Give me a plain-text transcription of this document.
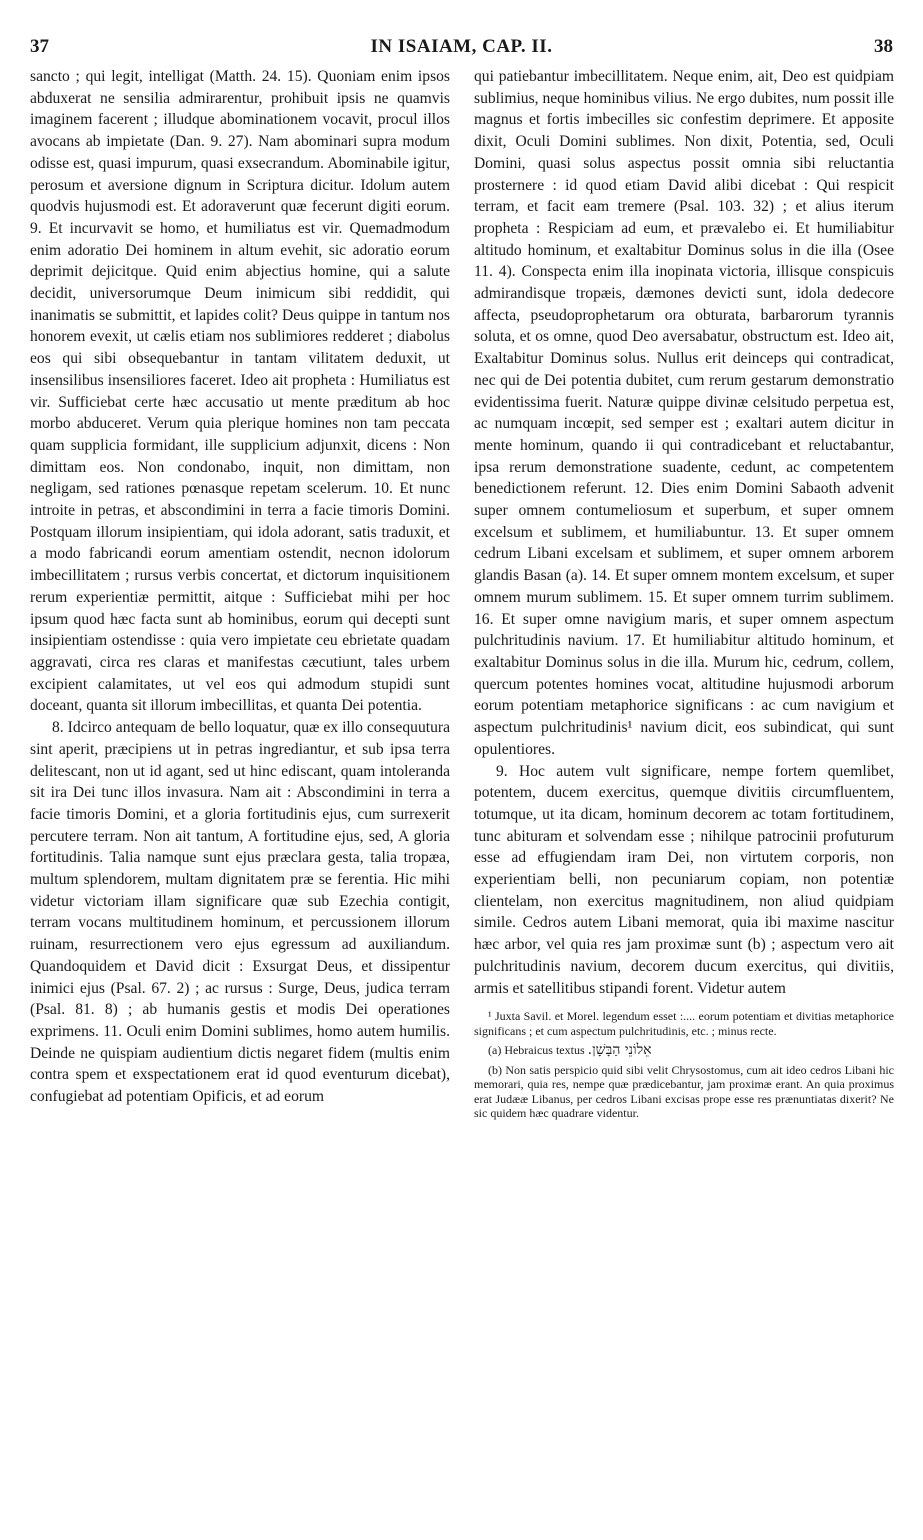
37	IN ISAIAM, CAP. II.	38

sancto ; qui legit, intelligat (Matth. 24. 15). Quoniam enim ipsos abduxerat ne sensilia admirarentur, prohibuit ipsis ne quamvis imaginem facerent ; illudque abominationem vocavit, procul illos avocans ab impietate (Dan. 9. 27). Nam abominari supra modum odisse est, quasi impurum, quasi exsecrandum. Abominabile igitur, perosum et aversione dignum in Scriptura dicitur. Idolum autem quodvis hujusmodi est. Et adoraverunt quæ fecerunt digiti eorum. 9. Et incurvavit se homo, et humiliatus est vir. Quemadmodum enim adoratio Dei hominem in altum evehit, sic adoratio eorum deprimit dejicitque. Quid enim abjectius homine, qui a salute decidit, universorumque Deum inimicum sibi reddidit, qui inanimatis se submittit, et lapides colit? Deus quippe in tantum nos honorem evexit, ut cælis etiam nos sublimiores redderet ; diabolus eos qui sibi obsequebantur in tantam vilitatem deduxit, ut insensilibus insensiliores faceret. Ideo ait propheta : Humiliatus est vir. Sufficiebat certe hæc accusatio ut mente præditum ab hoc morbo abduceret. Verum quia plerique homines non tam peccata quam supplicia formidant, ille supplicium adjunxit, dicens : Non dimittam eos. Non condonabo, inquit, non dimittam, non negligam, sed rationes pœnasque repetam scelerum. 10. Et nunc introite in petras, et abscondimini in terra a facie timoris Domini. Postquam illorum insipientiam, qui idola adorant, satis traduxit, et a modo fabricandi eorum amentiam ostendit, necnon idolorum imbecillitatem ; rursus verbis concertat, et dictorum inquisitionem rerum experientiæ permittit, aitque : Sufficiebat mihi per hoc ipsum quod hæc facta sunt ab hominibus, eorum qui decepti sunt insipientiam ostendisse : quia vero impietate ceu ebrietate quadam aggravati, circa res claras et manifestas cæcutiunt, tales urbem excipient calamitates, ut vel eos qui admodum stupidi sunt doceant, quanta sit illorum imbecillitas, et quanta Dei potentia.

8. Idcirco antequam de bello loquatur, quæ ex illo consequutura sint aperit, præcipiens ut in petras ingrediantur, et sub ipsa terra delitescant, non ut id agant, sed ut hinc ediscant, quam intoleranda sit ira Dei tunc illos invasura. Nam ait : Abscondimini in terra a facie timoris Domini, et a gloria fortitudinis ejus, cum surrexerit percutere terram. Non ait tantum, A fortitudine ejus, sed, A gloria fortitudinis. Talia namque sunt ejus præclara gesta, talia tropæa, multum splendorem, multam dignitatem præ se ferentia. Hic mihi videtur victoriam illam significare quæ sub Ezechia contigit, terram vocans multitudinem hominum, et percussionem illorum ruinam, resurrectionem vero ejus egressum ad auxiliandum. Quandoquidem et David dicit : Exsurgat Deus, et dissipentur inimici ejus (Psal. 67. 2) ; ac rursus : Surge, Deus, judica terram (Psal. 81. 8) ; ab humanis gestis et modis Dei operationes exprimens. 11. Oculi enim Domini sublimes, homo autem humilis. Deinde ne quispiam audientium dictis negaret fidem (multis enim contra spem et exspectationem erat id quod eventurum dicebat), confugiebat ad potentiam Opificis, et ad eorum

qui patiebantur imbecillitatem. Neque enim, ait, Deo est quidpiam sublimius, neque hominibus vilius. Ne ergo dubites, num possit ille magnus et fortis imbecilles sic confestim deprimere. Et apposite dixit, Oculi Domini sublimes. Non dixit, Potentia, sed, Oculi Domini, quasi solus aspectus possit omnia sibi reluctantia prosternere : id quod etiam David alibi dicebat : Qui respicit terram, et facit eam tremere (Psal. 103. 32) ; et alius iterum propheta : Respiciam ad eum, et prævalebo ei. Et humiliabitur altitudo hominum, et exaltabitur Dominus solus in die illa (Osee 11. 4). Conspecta enim illa inopinata victoria, illisque conspicuis admirandisque tropæis, dæmones devicti sunt, idola dedecore affecta, pseudoprophetarum ora obturata, barbarorum tyrannis soluta, et os omne, quod Deo aversabatur, obstructum est. Ideo ait, Exaltabitur Dominus solus. Nullus erit deinceps qui contradicat, nec qui de Dei potentia dubitet, cum rerum gestarum demonstratio evidentissima fuerit. Naturæ quippe divinæ celsitudo perpetua est, ac numquam incœpit, sed semper est ; exaltari autem dicitur in mente hominum, quando ii qui contradicebant et reluctabantur, ipsa rerum demonstratione suadente, cedunt, ac competentem benedictionem referunt. 12. Dies enim Domini Sabaoth advenit super omnem contumeliosum et superbum, et super omnem excelsum et sublimem, et humiliabuntur. 13. Et super omnem cedrum Libani excelsam et sublimem, et super omnem arborem glandis Basan (a). 14. Et super omnem montem excelsum, et super omnem murum sublimem. 15. Et super omnem turrim sublimem. 16. Et super omne navigium maris, et super omnem aspectum pulchritudinis navium. 17. Et humiliabitur altitudo hominum, et exaltabitur Dominus solus in die illa. Murum hic, cedrum, collem, quercum potentes homines vocat, altitudine hujusmodi arborum eorum potentiam metaphorice significans : ac cum navigium et aspectum pulchritudinis¹ navium dicit, eos subindicat, qui sunt opulentiores.

9. Hoc autem vult significare, nempe fortem quemlibet, potentem, ducem exercitus, quemque divitiis circumfluentem, totumque, ut ita dicam, hominum decorem ac totam fortitudinem, tunc abituram et solvendam esse ; nihilque patrocinii profuturum esse ad effugiendam iram Dei, non virtutem corporis, non experientiam belli, non pecuniarum copiam, non potentiæ clientelam, non exercitus magnitudinem, non aliud quidpiam simile. Cedros autem Libani memorat, quia ibi maxime nascitur hæc arbor, vel quia res jam proximæ sunt (b) ; aspectum vero ait pulchritudinis navium, decorem ducum exercitus, qui divitiis, armis et satellitibus stipandi forent. Videtur autem

¹ Juxta Savil. et Morel. legendum esset :.... eorum potentiam et divitias metaphorice significans ; et cum aspectum pulchritudinis, etc. ; minus recte.

(a) Hebraicus textus אֵלוֹנֵי הַבָּשָׁן.

(b) Non satis perspicio quid sibi velit Chrysostomus, cum ait ideo cedros Libani hic memorari, quia res, nempe quæ prædicebantur, jam proximæ erant. An quia proximus erat Judææ Libanus, per cedros Libani excisas prope esse res prænuntiatas dixerit? Ne sic quidem hæc quadrare videntur.
